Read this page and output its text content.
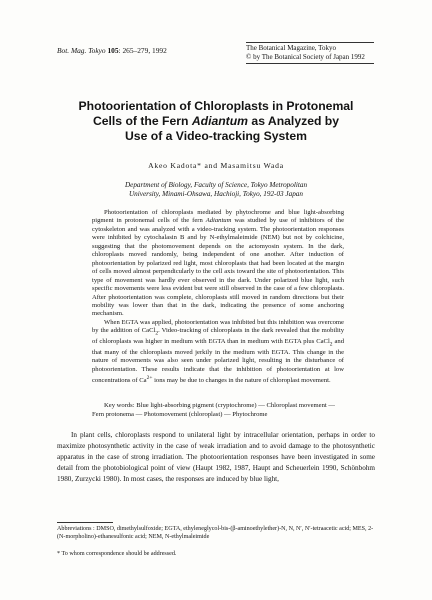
Bot. Mag. Tokyo 105: 265–279, 1992	The Botanical Magazine, Tokyo
© by The Botanical Society of Japan 1992
Photoorientation of Chloroplasts in Protonemal
Cells of the Fern Adiantum as Analyzed by
Use of a Video-tracking System
Akeo Kadota* and Masamitsu Wada
Department of Biology, Faculty of Science, Tokyo Metropolitan
University, Minami-Ohsawa, Hachioji, Tokyo, 192-03 Japan

Photoorientation of chloroplasts mediated by phytochrome and blue light-absorbing pigment in protonemal cells of the fern Adiantum was studied by use of inhibitors of the cytoskeleton and was analyzed with a video-tracking system. The photoorientation responses were inhibited by cytochalasin B and by N-ethylmaleimide (NEM) but not by colchicine, suggesting that the photomovement depends on the actomyosin system. In the dark, chloroplasts moved randomly, being independent of one another. After induction of photoorientation by polarized red light, most chloroplasts that had been located at the margin of cells moved almost perpendicularly to the cell axis toward the site of photoorientation. This type of movement was hardly ever observed in the dark. Under polarized blue light, such specific movements were less evident but were still observed in the case of a few chloroplasts. After photoorientation was complete, chloroplasts still moved in random directions but their mobility was lower than that in the dark, indicating the presence of some anchoring mechanism.

When EGTA was applied, photoorientation was inhibited but this inhibition was overcome by the addition of CaCl$_2$. Video-tracking of chloroplasts in the dark revealed that the mobility of chloroplasts was higher in medium with EGTA than in medium with EGTA plus CaCl$_2$ and that many of the chloroplasts moved jerkily in the medium with EGTA. This change in the nature of movements was also seen under polarized light, resulting in the disturbance of photoorientation. These results indicate that the inhibition of photoorientation at low concentrations of $Ca^{2+}$ ions may be due to changes in the nature of chloroplast movement.

Key words: Blue light-absorbing pigment (cryptochrome) — Chloroplast movement — Fern protonema — Photomovement (chloroplast) — Phytochrome

In plant cells, chloroplasts respond to unilateral light by intracellular orientation, perhaps in order to maximize photosynthetic activity in the case of weak irradiation and to avoid damage to the photosynthetic apparatus in the case of strong irradiation. The photoorientation responses have been investigated in some detail from the photobiological point of view (Haupt 1982, 1987, Haupt and Scheuerlein 1990, Schönbohm 1980, Zurzycki 1980). In most cases, the responses are induced by blue light,

Abbreviations : DMSO, dimethylsulfoxide; EGTA, ethyleneglycol-bis-(β-aminoethylether)-N, N, N′, N′-tetraacetic acid; MES, 2-(N-morpholino)-ethanesulfonic acid; NEM, N-ethylmaleimide

* To whom correspondence should be addressed.
